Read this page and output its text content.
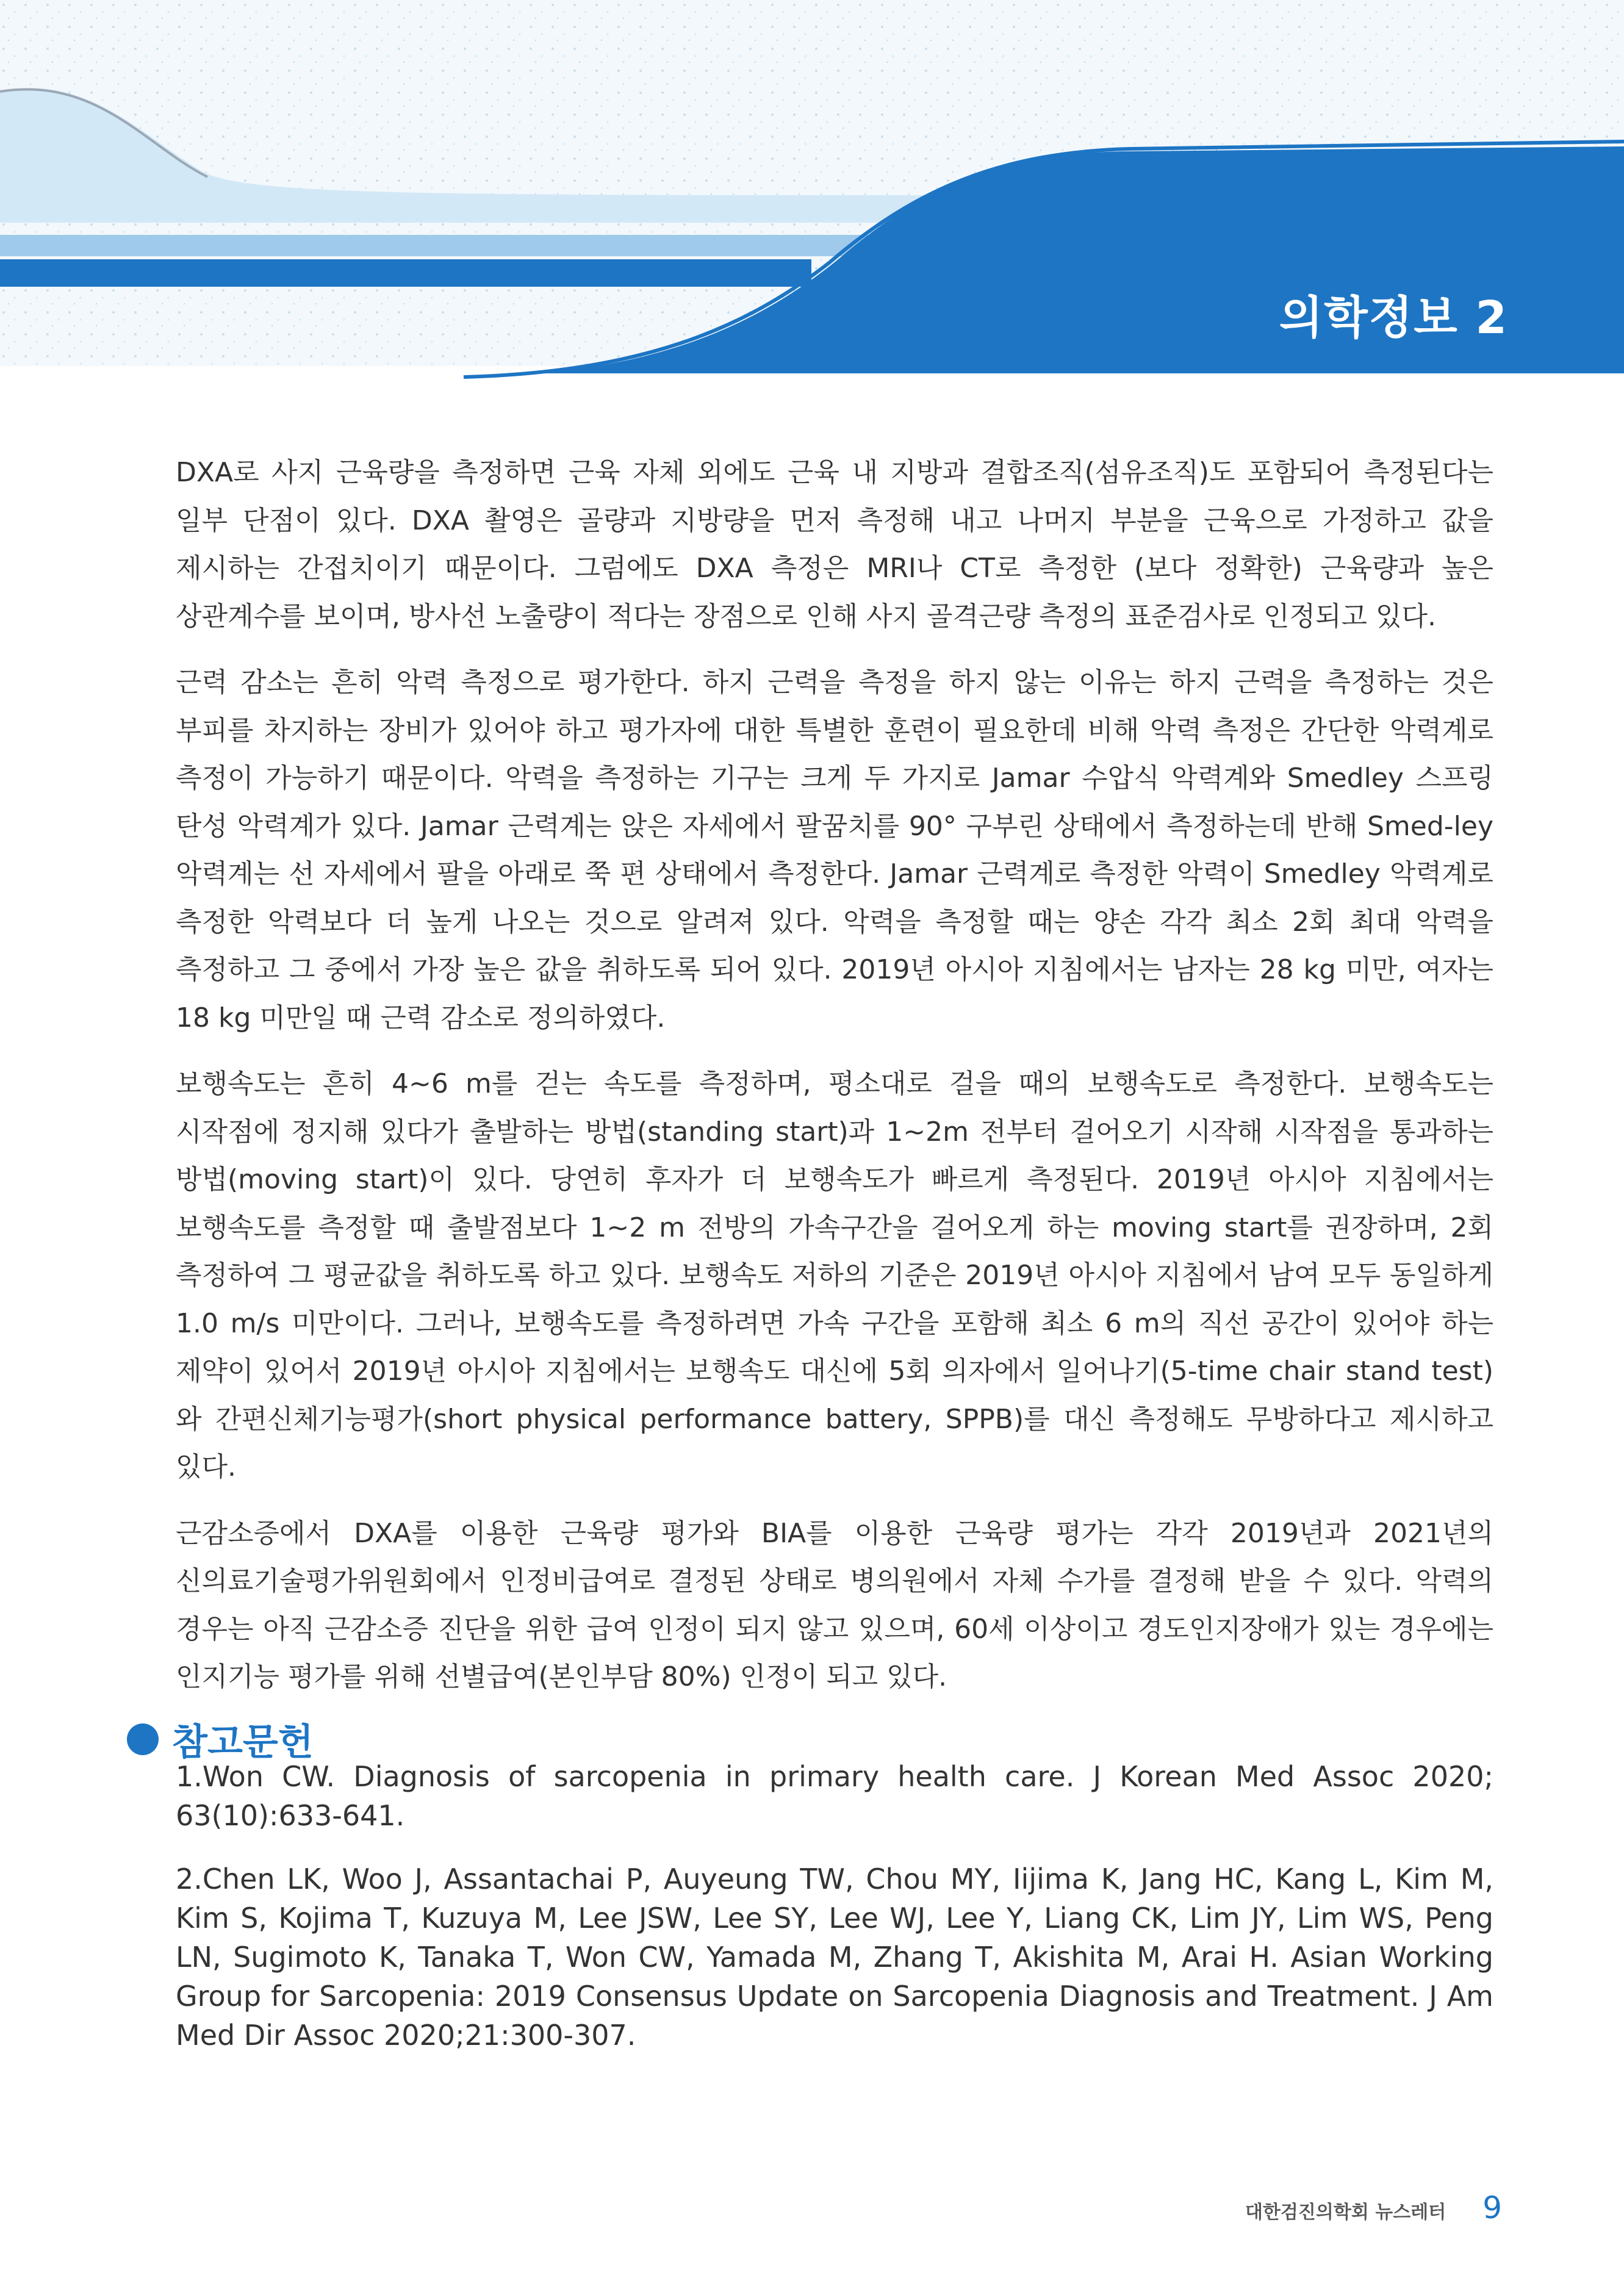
의학정보 2

DXA로 사지 근육량을 측정하면 근육 자체 외에도 근육 내 지방과 결합조직(섬유조직)도 포함되어 측정된다는 일부 단점이 있다. DXA 촬영은 골량과 지방량을 먼저 측정해 내고 나머지 부분을 근육으로 가정하고 값을 제시하는 간접치이기 때문이다. 그럼에도 DXA 측정은 MRI나 CT로 측정한 (보다 정확한) 근육량과 높은 상관계수를 보이며, 방사선 노출량이 적다는 장점으로 인해 사지 골격근량 측정의 표준검사로 인정되고 있다.

근력 감소는 흔히 악력 측정으로 평가한다. 하지 근력을 측정을 하지 않는 이유는 하지 근력을 측정하는 것은 부피를 차지하는 장비가 있어야 하고 평가자에 대한 특별한 훈련이 필요한데 비해 악력 측정은 간단한 악력계로 측정이 가능하기 때문이다. 악력을 측정하는 기구는 크게 두 가지로 Jamar 수압식 악력계와 Smedley 스프링 탄성 악력계가 있다. Jamar 근력계는 앉은 자세에서 팔꿈치를 90° 구부린 상태에서 측정하는데 반해 Smed-ley 악력계는 선 자세에서 팔을 아래로 쭉 편 상태에서 측정한다. Jamar 근력계로 측정한 악력이 Smedley 악력계로 측정한 악력보다 더 높게 나오는 것으로 알려져 있다. 악력을 측정할 때는 양손 각각 최소 2회 최대 악력을 측정하고 그 중에서 가장 높은 값을 취하도록 되어 있다. 2019년 아시아 지침에서는 남자는 28 kg 미만, 여자는 18 kg 미만일 때 근력 감소로 정의하였다.

보행속도는 흔히 4~6 m를 걷는 속도를 측정하며, 평소대로 걸을 때의 보행속도로 측정한다. 보행속도는 시작점에 정지해 있다가 출발하는 방법(standing start)과 1~2m 전부터 걸어오기 시작해 시작점을 통과하는 방법(moving start)이 있다. 당연히 후자가 더 보행속도가 빠르게 측정된다. 2019년 아시아 지침에서는 보행속도를 측정할 때 출발점보다 1~2 m 전방의 가속구간을 걸어오게 하는 moving start를 권장하며, 2회 측정하여 그 평균값을 취하도록 하고 있다. 보행속도 저하의 기준은 2019년 아시아 지침에서 남여 모두 동일하게 1.0 m/s 미만이다. 그러나, 보행속도를 측정하려면 가속 구간을 포함해 최소 6 m의 직선 공간이 있어야 하는 제약이 있어서 2019년 아시아 지침에서는 보행속도 대신에 5회 의자에서 일어나기(5-time chair stand test)와 간편신체기능평가(short physical performance battery, SPPB)를 대신 측정해도 무방하다고 제시하고 있다.

근감소증에서 DXA를 이용한 근육량 평가와 BIA를 이용한 근육량 평가는 각각 2019년과 2021년의 신의료기술평가위원회에서 인정비급여로 결정된 상태로 병의원에서 자체 수가를 결정해 받을 수 있다. 악력의 경우는 아직 근감소증 진단을 위한 급여 인정이 되지 않고 있으며, 60세 이상이고 경도인지장애가 있는 경우에는 인지기능 평가를 위해 선별급여(본인부담 80%) 인정이 되고 있다.

참고문헌

1.Won CW. Diagnosis of sarcopenia in primary health care. J Korean Med Assoc 2020; 63(10):633-641.

2.Chen LK, Woo J, Assantachai P, Auyeung TW, Chou MY, Iijima K, Jang HC, Kang L, Kim M, Kim S, Kojima T, Kuzuya M, Lee JSW, Lee SY, Lee WJ, Lee Y, Liang CK, Lim JY, Lim WS, Peng LN, Sugimoto K, Tanaka T, Won CW, Yamada M, Zhang T, Akishita M, Arai H. Asian Working Group for Sarcopenia: 2019 Consensus Update on Sarcopenia Diagnosis and Treatment. J Am Med Dir Assoc 2020;21:300-307.

대한검진의학회 뉴스레터 9
